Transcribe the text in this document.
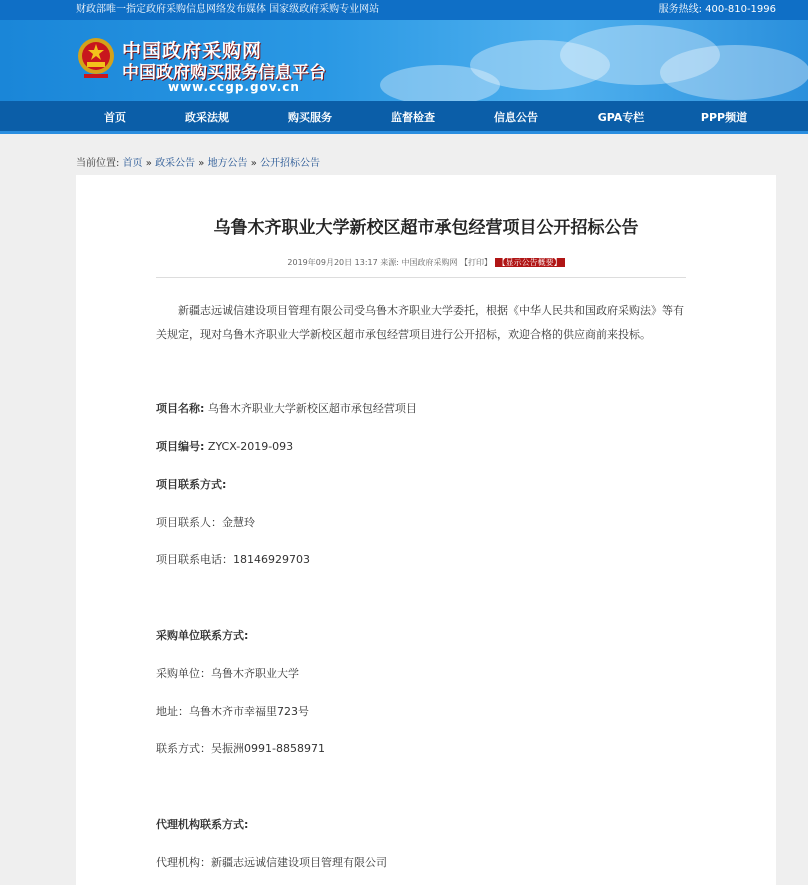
财政部唯一指定政府采购信息网络发布媒体 国家级政府采购专业网站	服务热线: 400-810-1996
中国政府采购网
中国政府购买服务信息平台
www.ccgp.gov.cn
首页	政采法规	购买服务	监督检查	信息公告	GPA专栏	PPP频道
当前位置: 首页 » 政采公告 » 地方公告 » 公开招标公告
乌鲁木齐职业大学新校区超市承包经营项目公开招标公告
2019年09月20日 13:17 来源: 中国政府采购网 【打印】 【显示公告概要】
新疆志远诚信建设项目管理有限公司受乌鲁木齐职业大学委托，根据《中华人民共和国政府采购法》等有关规定，现对乌鲁木齐职业大学新校区超市承包经营项目进行公开招标，欢迎合格的供应商前来投标。
项目名称: 乌鲁木齐职业大学新校区超市承包经营项目
项目编号: ZYCX-2019-093
项目联系方式:
项目联系人：金慧玲
项目联系电话：18146929703
采购单位联系方式:
采购单位：乌鲁木齐职业大学
地址：乌鲁木齐市幸福里723号
联系方式：吴振洲0991-8858971
代理机构联系方式:
代理机构：新疆志远诚信建设项目管理有限公司
